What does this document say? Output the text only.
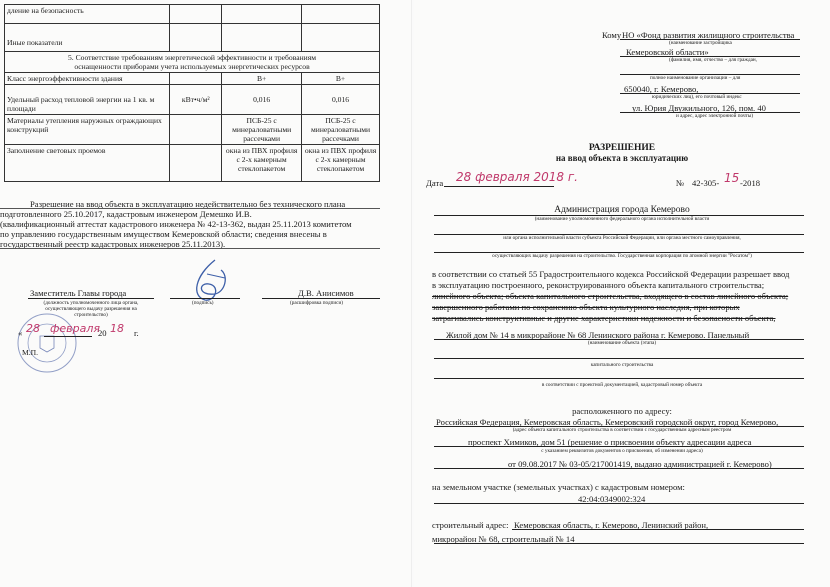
дление на безопасность			
Иные показатели			
5. Соответствие требованиям энергетической эффективности и требованиям оснащенности приборами учета используемых энергетических ресурсов			
Класс энергоэффективности здания		В+	В+
Удельный расход тепловой энергии на 1 кв. м площади	кВт•ч/м²	0,016	0,016
Материалы утепления наружных ограждающих конструкций		ПСБ-25 с минераловатными рассечками	ПСБ-25 с минераловатными рассечками
Заполнение световых проемов		окна из ПВХ профиля с 2-х камерным стеклопакетом	окна из ПВХ профиля с 2-х камерным стеклопакетом
Разрешение на ввод объекта в эксплуатацию недействительно без технического плана
подготовленного 25.10.2017, кадастровым инженером Демешко И.В.
(квалификационный аттестат кадастрового инженера № 42-13-362, выдан 25.11.2013 комитетом
по управлению государственным имуществом Кемеровской области; сведения внесены в
государственный реестр кадастровых инженеров 25.11.2013).
Заместитель Главы города
(должность уполномоченного лица органа, осуществляющего выдачу разрешения на строительство)
(подпись)
Д.В. Анисимов
(расшифровка подписи)
« 28 февраля
20 18 г.
М.П.
Кому НО «Фонд развития жилищного строительства
(наименование застройщика
Кемеровской области»
(фамилия, имя, отчество – для граждан,
полное наименование организации – для
650040, г. Кемерово,
юридических лиц), его почтовый индекс
ул. Юрия Двужильного, 126, пом. 40
и адрес, адрес электронной почты)
РАЗРЕШЕНИЕ
на ввод объекта в эксплуатацию
Дата 28 февраля 2018 г.	№ 42-305- 15 -2018
Администрация города Кемерово
(наименование уполномоченного федерального органа исполнительной власти
или органа исполнительной власти субъекта Российской Федерации, или органа местного самоуправления,
осуществляющих выдачу разрешения на строительство. Государственная корпорация по атомной энергии "Росатом")
в соответствии со статьей 55 Градостроительного кодекса Российской Федерации разрешает ввод
в эксплуатацию построенного, реконструированного объекта капитального строительства;
линейного объекта; объекта капитального строительства, входящего в состав линейного объекта;
завершенного работами по сохранению объекта культурного наследия, при которых
затрагивались конструктивные и другие характеристики надежности и безопасности объекта,
Жилой дом № 14 в микрорайоне № 68 Ленинского района г. Кемерово. Панельный
(наименование объекта (этапа)
капитального строительства
в соответствии с проектной документацией, кадастровый номер объекта
расположенного по адресу:
Российская Федерация, Кемеровская область, Кемеровский городской округ, город Кемерово,
(адрес объекта капитального строительства в соответствии с государственным адресным реестром
проспект Химиков, дом 51 (решение о присвоении объекту адресации адреса
с указанием реквизитов документов о присвоении, об изменении адреса)
от 09.08.2017 № 03-05/217001419, выдано администрацией г. Кемерово)
на земельном участке (земельных участках) с кадастровым номером:
42:04:0349002:324
строительный адрес: Кемеровская область, г. Кемерово, Ленинский район,
микрорайон № 68, строительный № 14
